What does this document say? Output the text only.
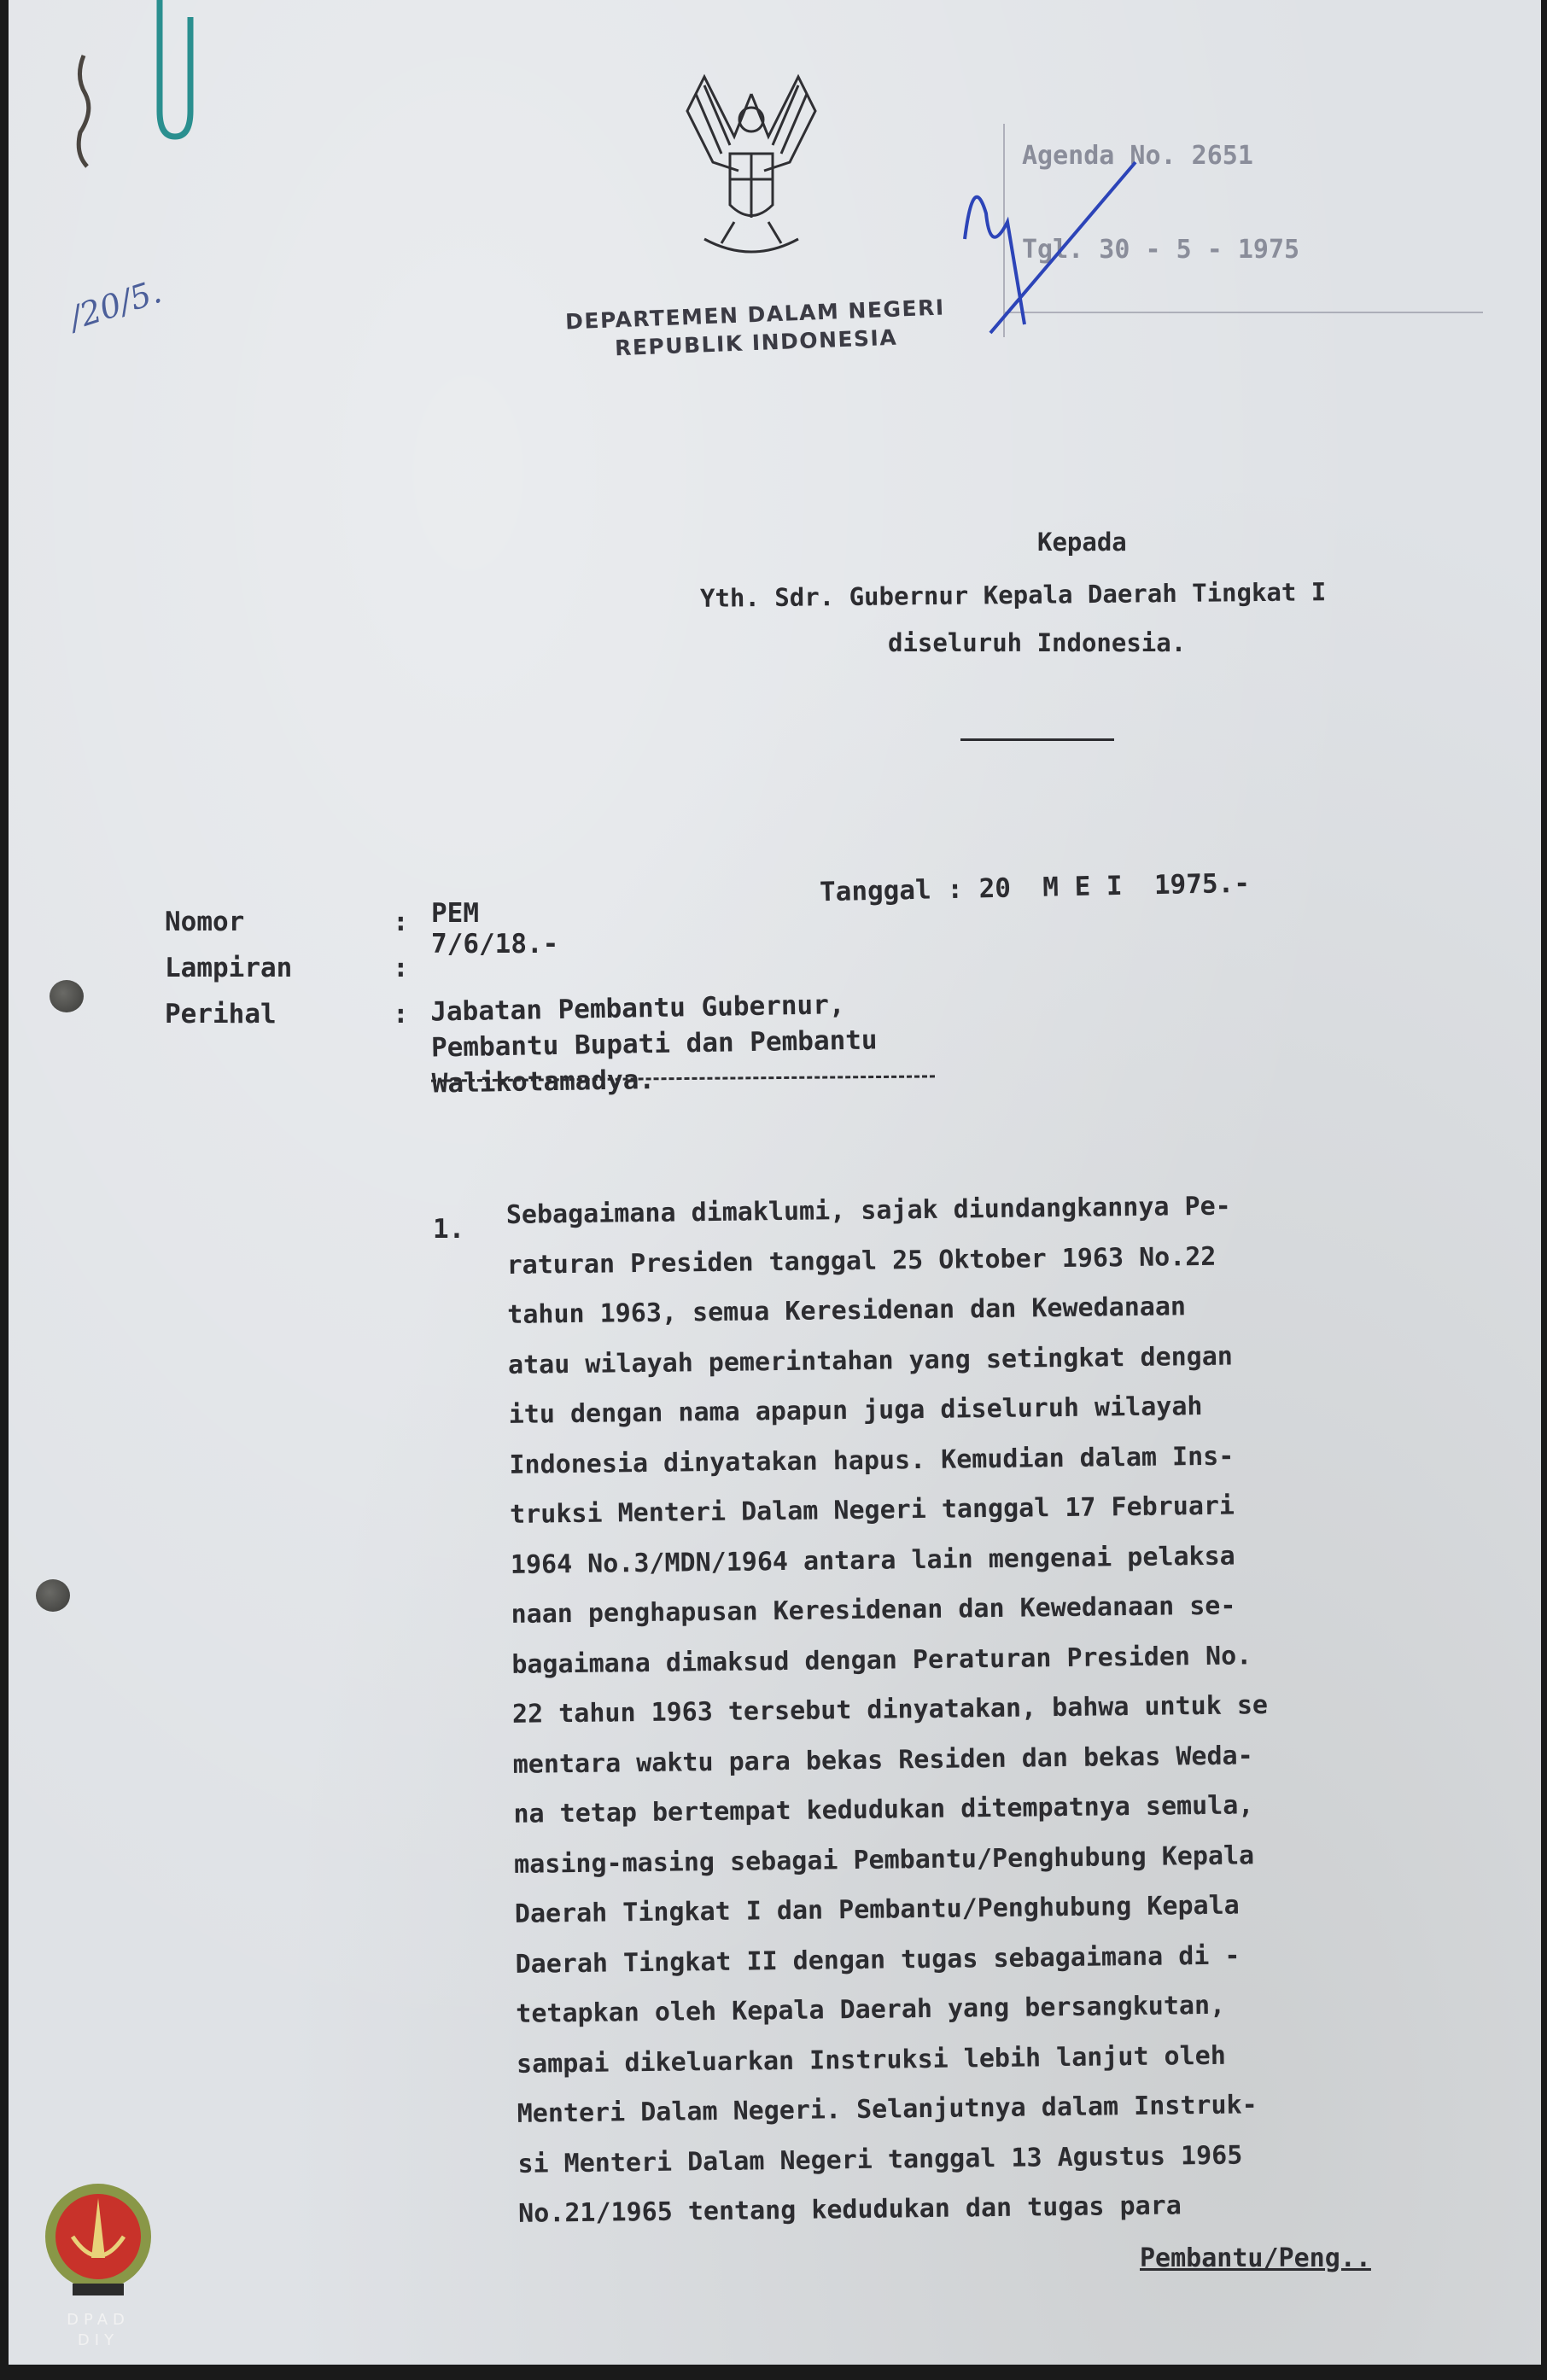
/20/5.	DEPARTEMEN DALAM NEGERI
REPUBLIK INDONESIA
Agenda No. 2651
Tgl. 30 - 5 - 1975
Kepada
Yth. Sdr. Gubernur Kepala Daerah Tingkat I
diseluruh Indonesia.
Nomor	: PEM 7/6/18.-
Tanggal : 20  M E I  1975.-
Lampiran	:
Perihal	: Jabatan Pembantu Gubernur,
Pembantu Bupati dan Pembantu
Walikotamadya.
1. Sebagaimana dimaklumi, sajak diundangkannya Pe-
raturan Presiden tanggal 25 Oktober 1963 No.22
tahun 1963, semua Keresidenan dan Kewedanaan
atau wilayah pemerintahan yang setingkat dengan
itu dengan nama apapun juga diseluruh wilayah
Indonesia dinyatakan hapus. Kemudian dalam Ins-
truksi Menteri Dalam Negeri tanggal 17 Februari
1964 No.3/MDN/1964 antara lain mengenai pelaksa
naan penghapusan Keresidenan dan Kewedanaan se-
bagaimana dimaksud dengan Peraturan Presiden No.
22 tahun 1963 tersebut dinyatakan, bahwa untuk se
mentara waktu para bekas Residen dan bekas Weda-
na tetap bertempat kedudukan ditempatnya semula,
masing-masing sebagai Pembantu/Penghubung Kepala
Daerah Tingkat I dan Pembantu/Penghubung Kepala
Daerah Tingkat II dengan tugas sebagaimana di -
tetapkan oleh Kepala Daerah yang bersangkutan,
sampai dikeluarkan Instruksi lebih lanjut oleh
Menteri Dalam Negeri. Selanjutnya dalam Instruk-
si Menteri Dalam Negeri tanggal 13 Agustus 1965
No.21/1965 tentang kedudukan dan tugas para
Pembantu/Peng..
DPAD
DIY
